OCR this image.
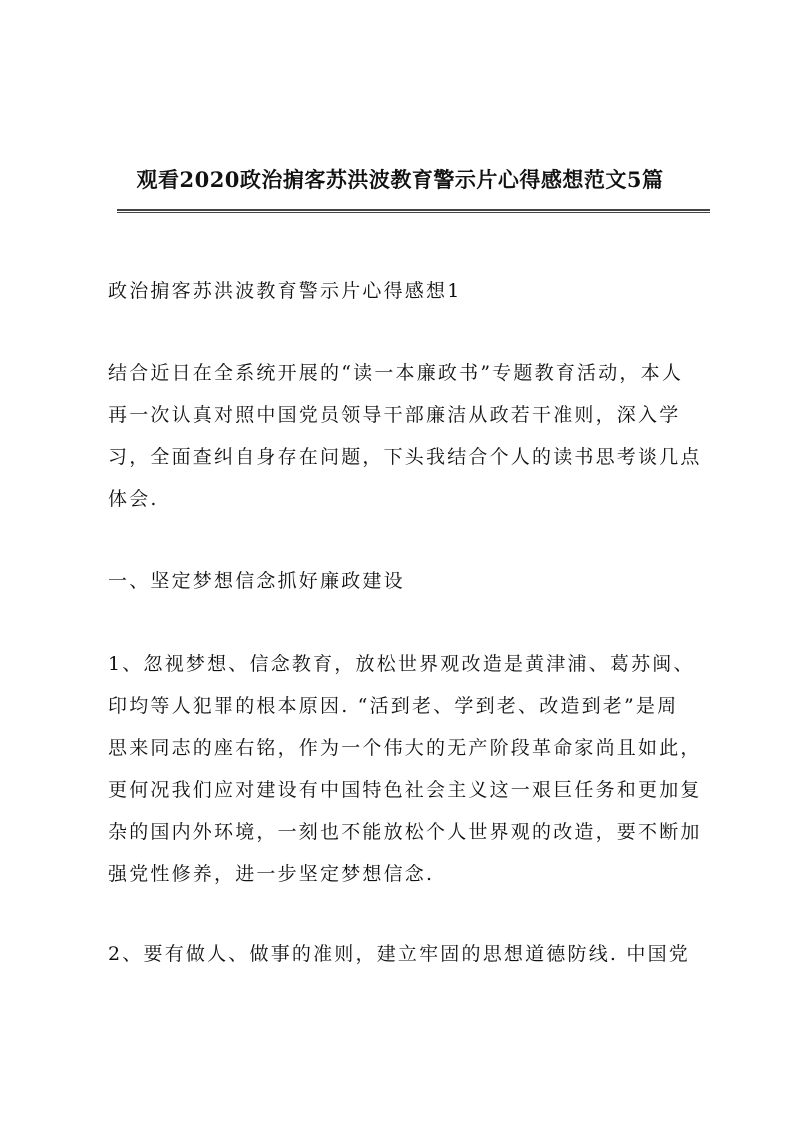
观看2020政治掮客苏洪波教育警示片心得感想范文5篇
政治掮客苏洪波教育警示片心得感想1
结合近日在全系统开展的“读一本廉政书”专题教育活动，本人
再一次认真对照中国党员领导干部廉洁从政若干准则，深入学
习，全面查纠自身存在问题，下头我结合个人的读书思考谈几点
体会.
一、坚定梦想信念抓好廉政建设
1、忽视梦想、信念教育，放松世界观改造是黄津浦、葛苏闽、
印均等人犯罪的根本原因. “活到老、学到老、改造到老”是周
思来同志的座右铭，作为一个伟大的无产阶段革命家尚且如此，
更何况我们应对建设有中国特色社会主义这一艰巨任务和更加复
杂的国内外环境，一刻也不能放松个人世界观的改造，要不断加
强党性修养，进一步坚定梦想信念.
2、要有做人、做事的准则，建立牢固的思想道德防线. 中国党
